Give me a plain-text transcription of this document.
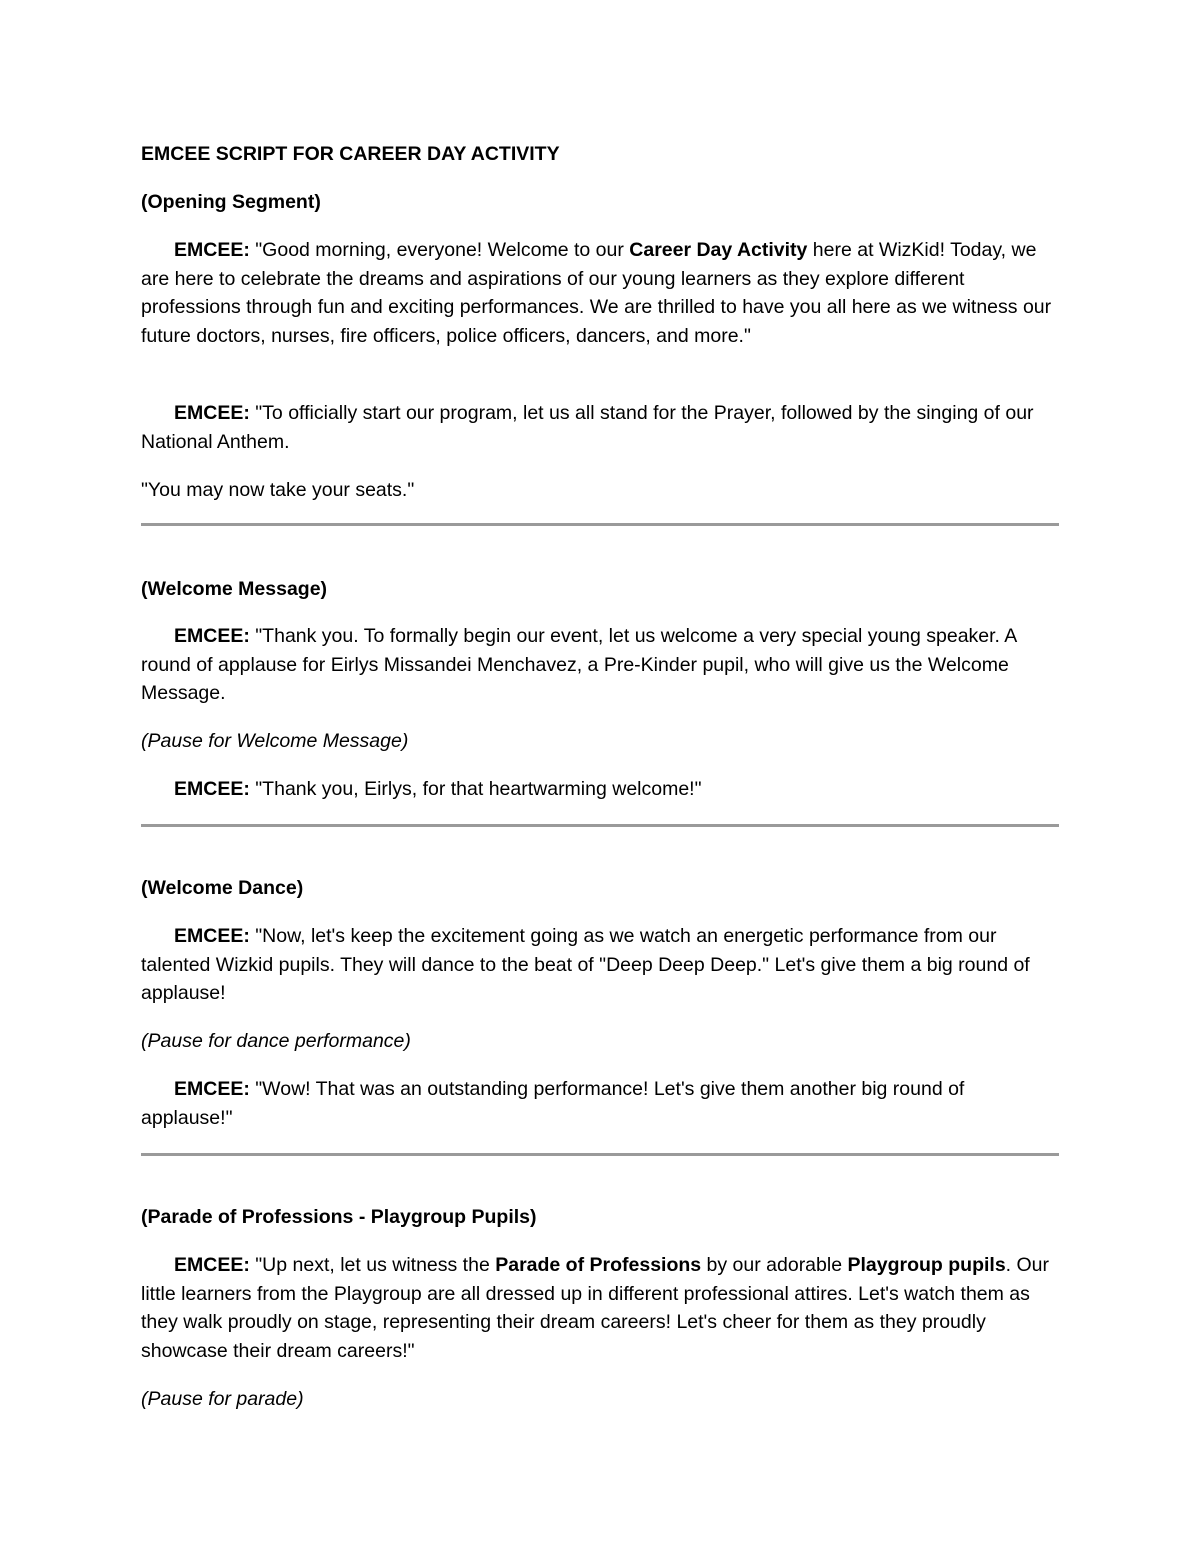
EMCEE SCRIPT FOR CAREER DAY ACTIVITY
(Opening Segment)

EMCEE: "Good morning, everyone! Welcome to our Career Day Activity here at WizKid! Today, we are here to celebrate the dreams and aspirations of our young learners as they explore different professions through fun and exciting performances. We are thrilled to have you all here as we witness our future doctors, nurses, fire officers, police officers, dancers, and more."

EMCEE: "To officially start our program, let us all stand for the Prayer, followed by the singing of our National Anthem.

"You may now take your seats."

(Welcome Message)

EMCEE: "Thank you. To formally begin our event, let us welcome a very special young speaker. A round of applause for Eirlys Missandei Menchavez, a Pre-Kinder pupil, who will give us the Welcome Message.

(Pause for Welcome Message)

EMCEE: "Thank you, Eirlys, for that heartwarming welcome!"

(Welcome Dance)

EMCEE: "Now, let's keep the excitement going as we watch an energetic performance from our talented Wizkid pupils. They will dance to the beat of "Deep Deep Deep." Let's give them a big round of applause!

(Pause for dance performance)

EMCEE: "Wow! That was an outstanding performance! Let's give them another big round of applause!"

(Parade of Professions - Playgroup Pupils)

EMCEE: "Up next, let us witness the Parade of Professions by our adorable Playgroup pupils. Our little learners from the Playgroup are all dressed up in different professional attires. Let's watch them as they walk proudly on stage, representing their dream careers! Let's cheer for them as they proudly showcase their dream careers!"

(Pause for parade)
